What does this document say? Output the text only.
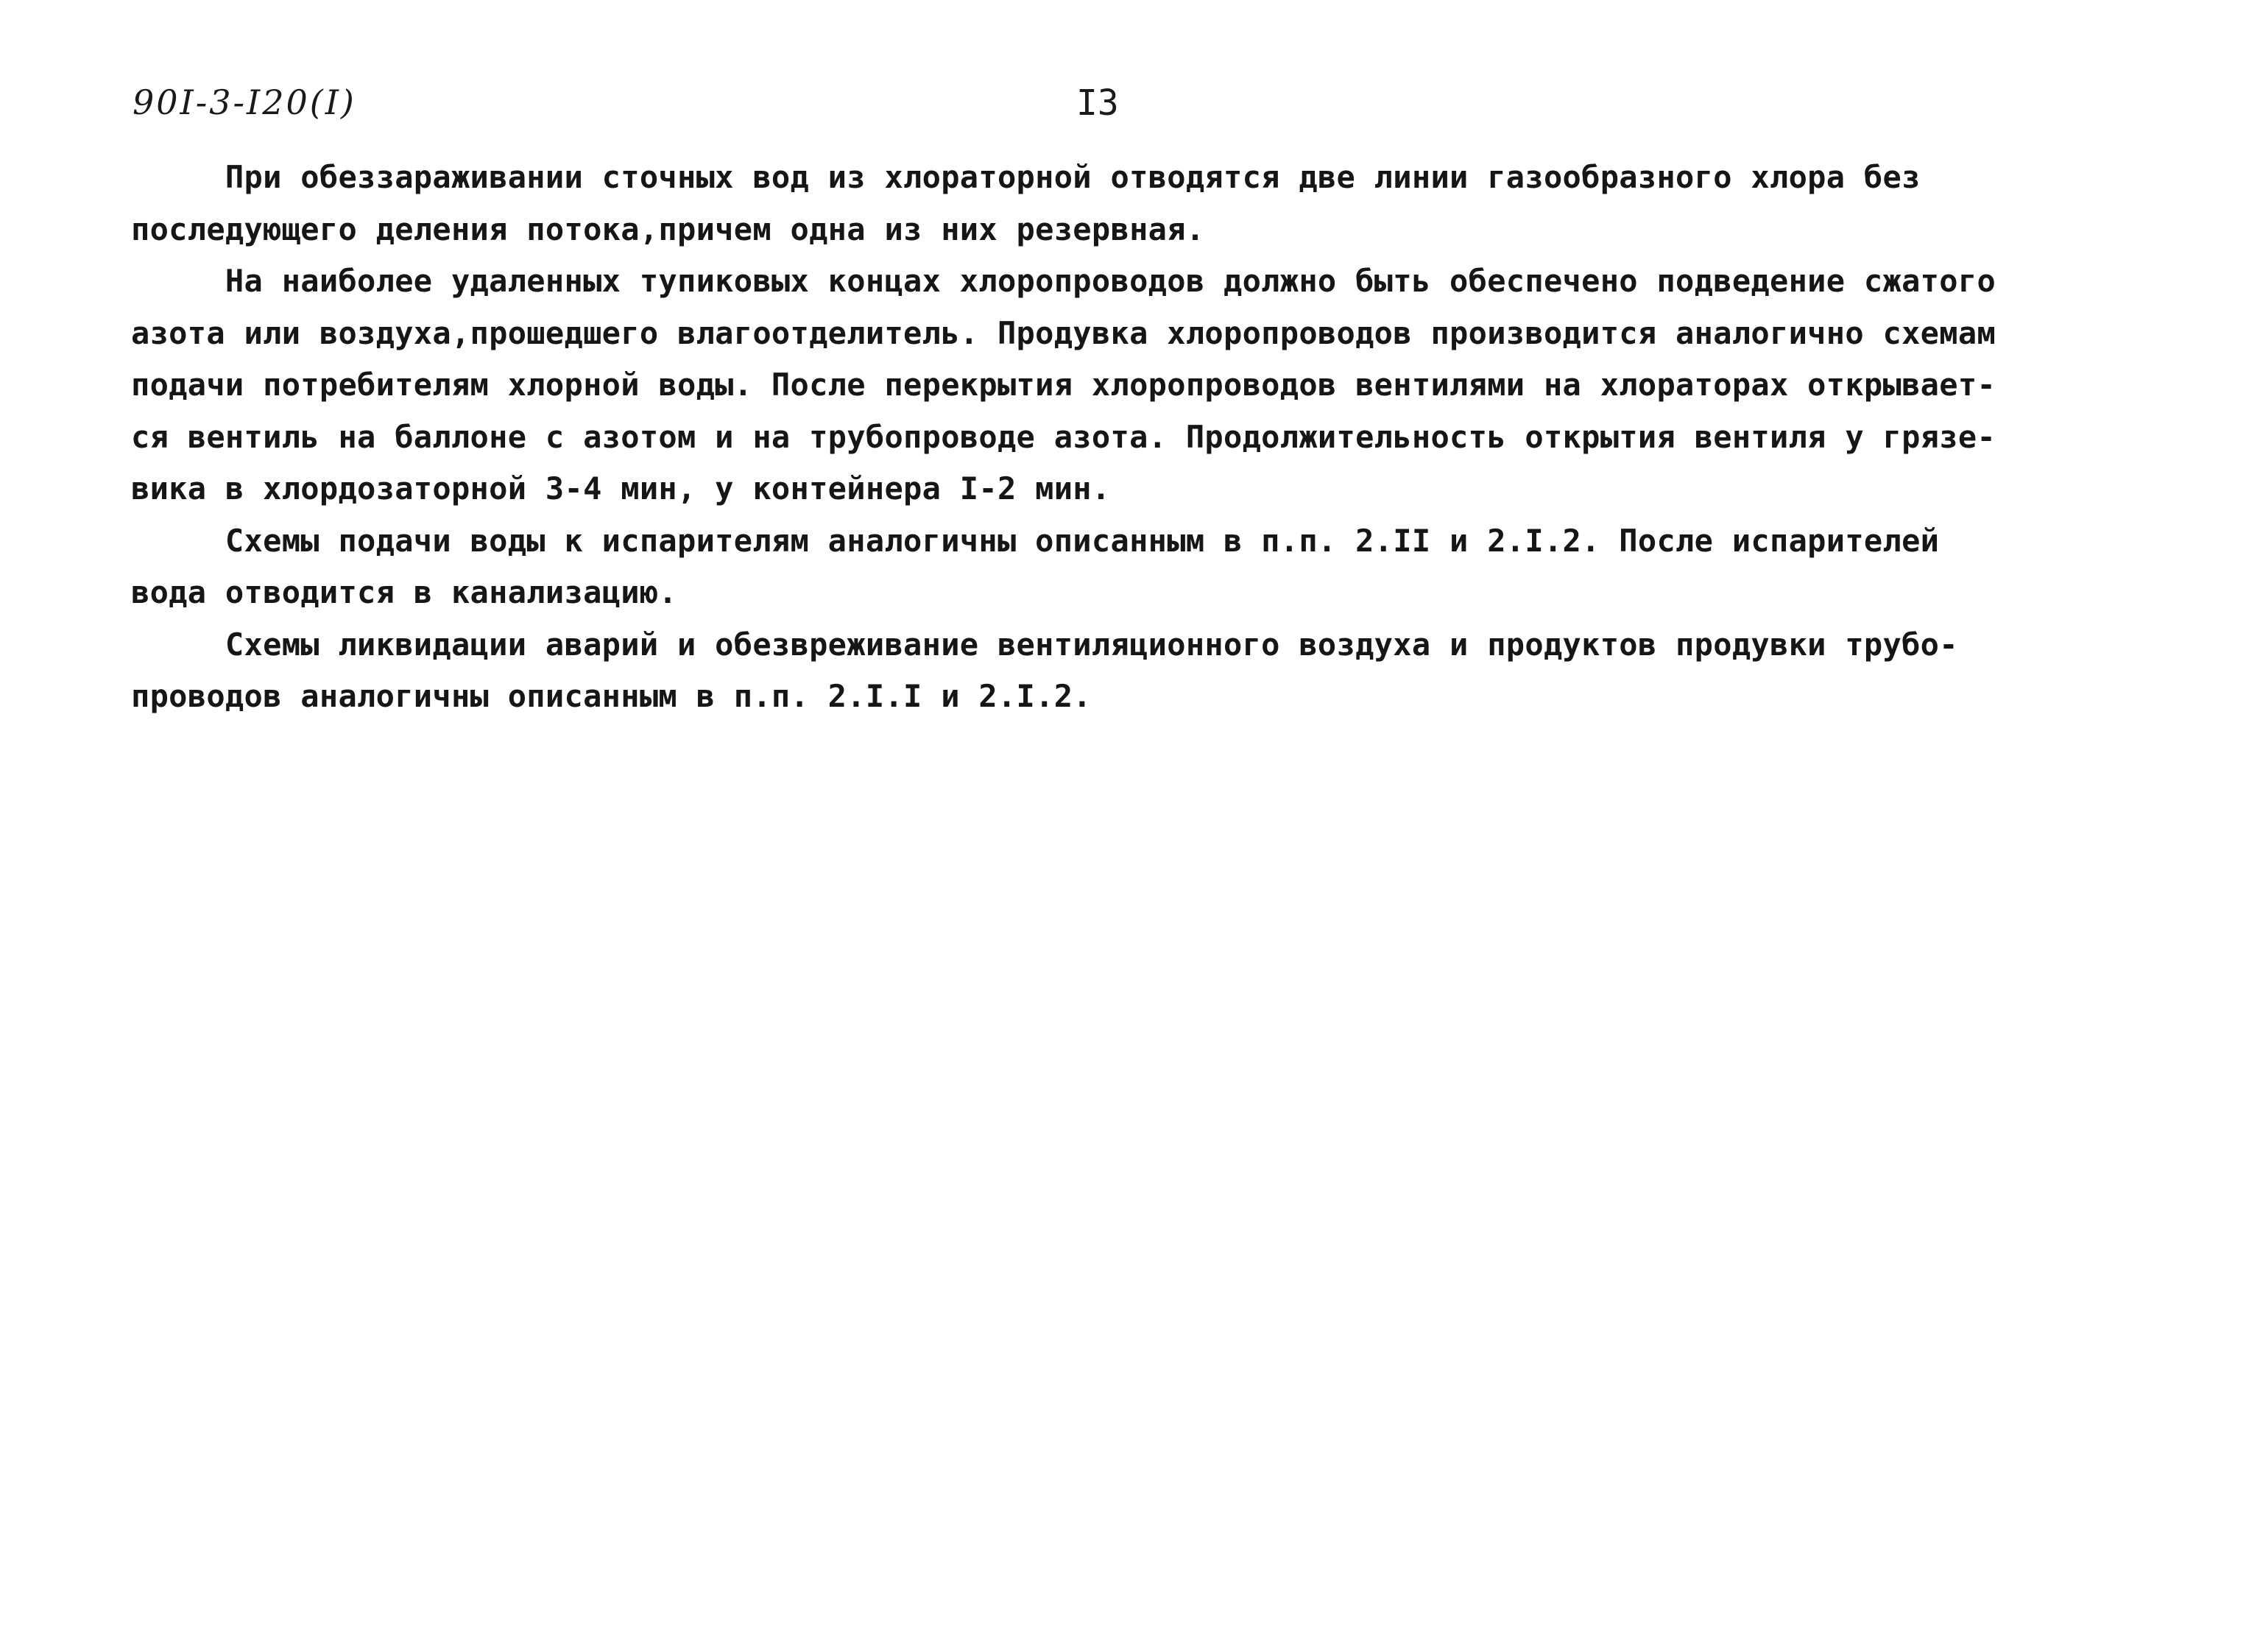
90I-3-I20(I)	I3
При обеззараживании сточных вод из хлораторной отводятся две линии газообразного хлора без
последующего деления потока,причем одна из них резервная.
На наиболее удаленных тупиковых концах хлоропроводов должно быть обеспечено подведение сжатого
азота или воздуха,прошедшего влагоотделитель. Продувка хлоропроводов производится аналогично схемам
подачи потребителям хлорной воды. После перекрытия хлоропроводов вентилями на хлораторах открывает-
ся вентиль на баллоне с азотом и на трубопроводе азота. Продолжительность открытия вентиля у грязе-
вика в хлордозаторной 3-4 мин, у контейнера I-2 мин.
Схемы подачи воды к испарителям аналогичны описанным в п.п. 2.II и 2.I.2. После испарителей
вода отводится в канализацию.
Схемы ликвидации аварий и обезвреживание вентиляционного воздуха и продуктов продувки трубо-
проводов аналогичны описанным в п.п. 2.I.I и 2.I.2.
